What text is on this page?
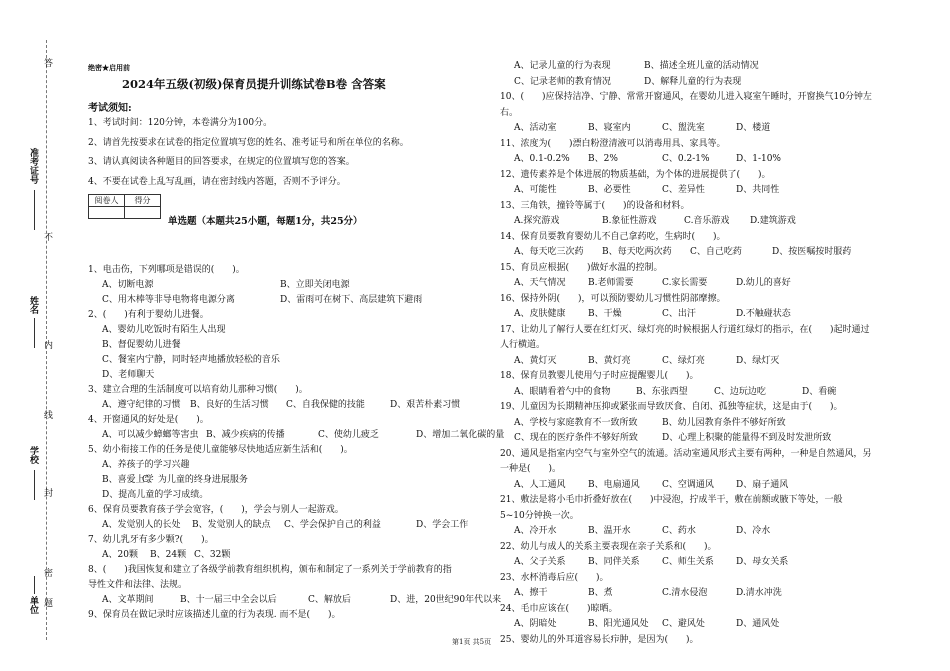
答
准考证号
不
姓名
内
线
学校
封
密
单位 题
绝密★启用前
2024年五级(初级)保育员提升训练试卷B卷 含答案
考试须知:
1、考试时间：120分钟，本卷满分为100分。
2、请首先按要求在试卷的指定位置填写您的姓名、准考证号和所在单位的名称。
3、请认真阅读各种题目的回答要求，在规定的位置填写您的答案。
4、不要在试卷上乱写乱画，请在密封线内答题，否则不予评分。
阅卷人	得分

单选题（本题共25小题，每题1分，共25分）
1、电击伤，下列哪项是错误的(　　)。
A、切断电源	B、立即关闭电源
C、用木棒等非导电物将电源分离	D、雷雨可在树下、高层建筑下避雨
2、(　　)有利于婴幼儿进餐。
A、婴幼儿吃饭时有陌生人出现
B、督促婴幼儿进餐
C、餐室内宁静，同时轻声地播放轻松的音乐
D、老师聊天
3、建立合理的生活制度可以培育幼儿那种习惯(　　)。
A、遵守纪律的习惯 B、良好的生活习惯 C、自我保健的技能	D、艰苦朴素习惯
4、开窗通风的好处是(　　)。
A、可以减少蟑螂等害虫 B、减少疾病的传播	C、使幼儿疲乏	D、增加二氧化碳的量
5、幼小衔接工作的任务是使儿童能够尽快地适应新生活和(　　)。
A、养孩子的学习兴趣
B、喜爱上学
C、为儿童的终身进展服务
D、提高儿童的学习成绩。
6、保育员要教育孩子学会宽容，(　　)，学会与别人一起游戏。
A、发觉别人的长处 B、发觉别人的缺点 C、学会保护自己的利益	D、学会工作
7、幼儿乳牙有多少颗?(　　)。
A、20颗 B、24颗 C、32颗
8、(　　)我国恢复和建立了各级学前教育组织机构，颁布和制定了一系列关于学前教育的指
导性文件和法律、法规。
A、文革期间	B、十一届三中全会以后	C、解放后	D、进，20世纪90年代以来
9、保育员在做记录时应该描述儿童的行为表现. 而不是(　　)。
A、记录儿童的行为表现	B、描述全班儿童的活动情况
C、记录老师的教育情况	D、解释儿童的行为表现
10、(　　)应保持洁净、宁静、常常开窗通风，在婴幼儿进入寝室午睡时，开窗换气10分钟左
右。
A、活动室	B、寝室内	C、盥洗室	D、楼道
11、浓度为(　　)漂白粉澄清液可以消毒用具、家具等。
A、0.1-0.2% B、2%	C、0.2-1%	D、1-10%
12、遗传素养是个体进展的物质基础，为个体的进展提供了(　　)。
A、可能性	B、必要性	C、差异性	D、共同性
13、三角铁，撞铃等属于(　　)的设备和材料。
A.探究游戏	B.象征性游戏	C.音乐游戏 D.建筑游戏
14、保育员要教育婴幼儿不自己拿药吃，生病时(　　)。
A、每天吃三次药 B、每天吃两次药 C、自己吃药	D、按医嘱按时服药
15、育员应根据(　　)做好水温的控制。
A、天气情况	B.老师需要	C.家长需要	D.幼儿的喜好
16、保持外阴(　　)，可以预防婴幼儿习惯性阴部摩擦。
A、皮肤健康	B、干燥	C、出汗	D.不触碰状态
17、让幼儿了解行人要在红灯灭、绿灯亮的时候根据人行道红绿灯的指示，在(　　)起时通过
人行横道。
A、黄灯灭	B、黄灯亮	C、绿灯亮	D、绿灯灭
18、保育员教婴儿使用勺子时应提醒婴儿(　　)。
A、眼睛看着勺中的食物	B、东张西望	C、边玩边吃	D、看碗
19、儿童因为长期精神压抑或紧张而导致厌食、自闭、孤独等症状，这是由于(　　)。
A、学校与家庭教育不一致所致	B、幼儿园教育条件不够好所致
C、现在的医疗条件不够好所致	D、心理上积聚的能量得不到及时发泄所致
20、通风是指室内空气与室外空气的流通。活动室通风形式主要有两种，一种是自然通风，另
一种是(　　)。
A、人工通风	B、电扇通风 C、空调通风 D、扇子通风
21、敷法是将小毛巾折叠好放在(　　)中浸泡，拧成半干，敷在前额或腋下等处，一般
5~10分钟换一次。
A、冷开水	B、温开水	C、药水	D、冷水
22、幼儿与成人的关系主要表现在亲子关系和(　　)。
A、父子关系	B、同伴关系 C、师生关系 D、母女关系
23、水杯消毒后应(　　)。
A、擦干	B、煮	C.清水侵泡	D.清水冲洗
24、毛巾应该在(　　)晾晒。
A、阴暗处	B、阳光通风处 C、避风处	D、通风处
25、婴幼儿的外耳道容易长疖肿，是因为(　　)。
第1页 共5页
